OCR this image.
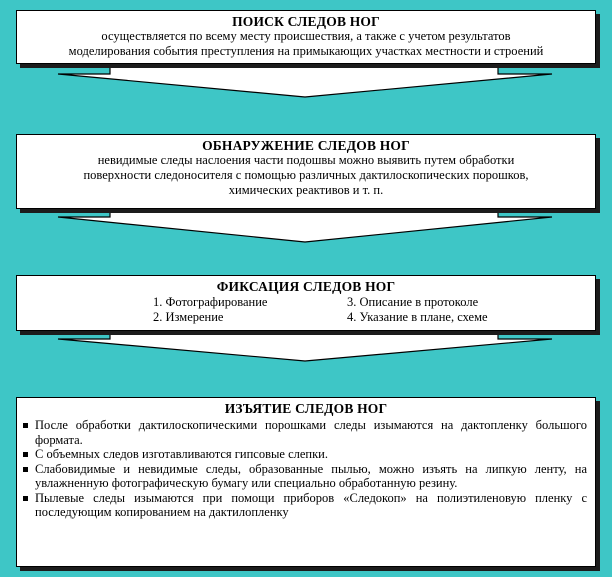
ПОИСК СЛЕДОВ НОГ
осуществляется по всему месту происшествия, а также с учетом результатов
моделирования события преступления на примыкающих участках местности и строений
ОБНАРУЖЕНИЕ СЛЕДОВ НОГ
невидимые следы наслоения части подошвы можно выявить путем обработки
поверхности следоносителя с помощью различных дактилоскопических порошков,
химических реактивов и т. п.
ФИКСАЦИЯ СЛЕДОВ НОГ
1. Фотографирование
2. Измерение
3. Описание в протоколе
4. Указание в плане, схеме
ИЗЪЯТИЕ СЛЕДОВ НОГ
После обработки дактилоскопическими порошками следы изымаются на дактопленку большого формата.
С объемных следов изготавливаются гипсовые слепки.
Слабовидимые и невидимые следы, образованные пылью, можно изъять на липкую ленту, на увлажненную фотографическую бумагу или специально обработанную резину.
Пылевые следы изымаются при помощи приборов «Следокоп» на полиэтиленовую пленку с последующим копированием на дактилопленку
